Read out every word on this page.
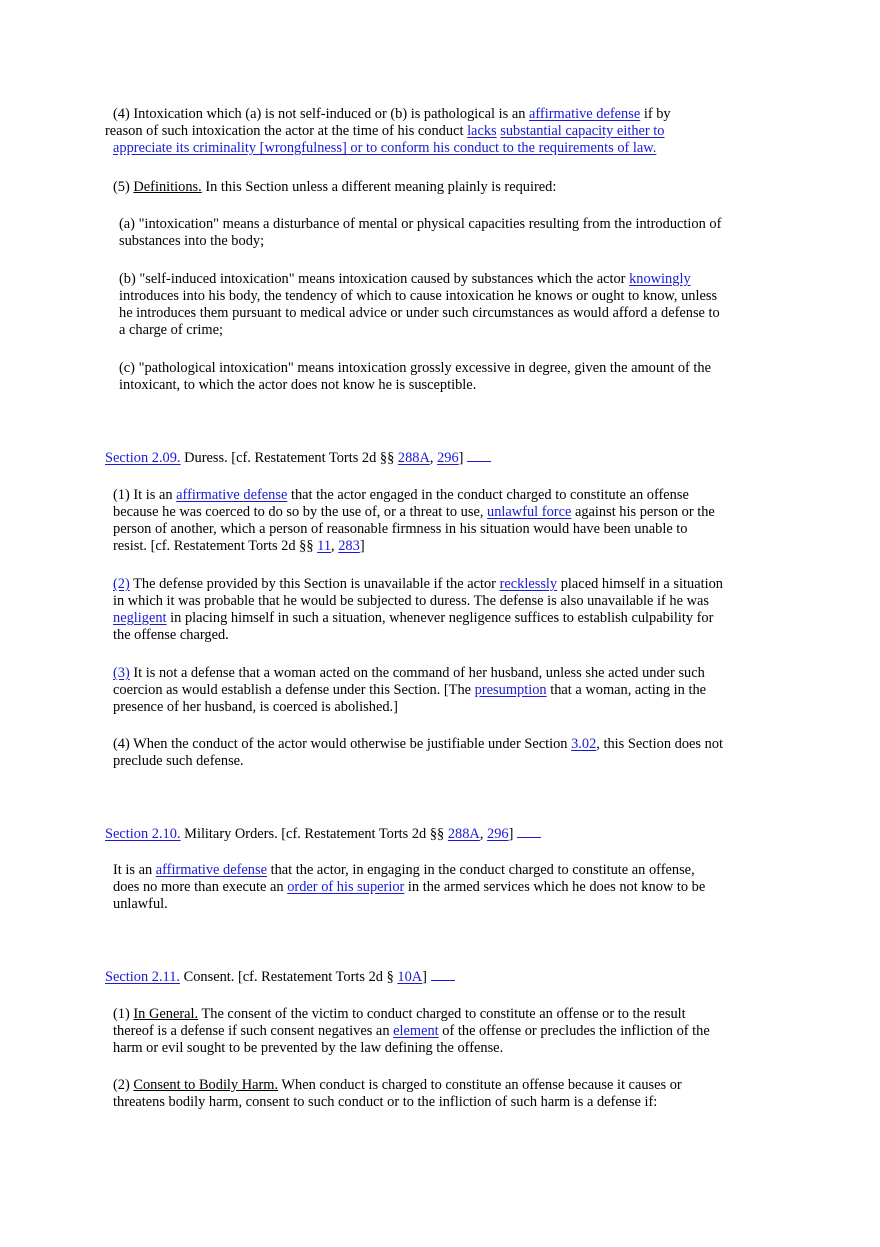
(4) Intoxication which (a) is not self-induced or (b) is pathological is an affirmative defense if by
reason of such intoxication the actor at the time of his conduct lacks substantial capacity either to appreciate its criminality [wrongfulness] or to conform his conduct to the requirements of law.

(5) Definitions. In this Section unless a different meaning plainly is required:

(a) "intoxication" means a disturbance of mental or physical capacities resulting from the introduction of substances into the body;

(b) "self-induced intoxication" means intoxication caused by substances which the actor knowingly introduces into his body, the tendency of which to cause intoxication he knows or ought to know, unless he introduces them pursuant to medical advice or under such circumstances as would afford a defense to a charge of crime;

(c) "pathological intoxication" means intoxication grossly excessive in degree, given the amount of the intoxicant, to which the actor does not know he is susceptible.

Section 2.09. Duress. [cf. Restatement Torts 2d §§ 288A, 296]

(1) It is an affirmative defense that the actor engaged in the conduct charged to constitute an offense because he was coerced to do so by the use of, or a threat to use, unlawful force against his person or the person of another, which a person of reasonable firmness in his situation would have been unable to resist. [cf. Restatement Torts 2d §§ 11, 283]

(2) The defense provided by this Section is unavailable if the actor recklessly placed himself in a situation in which it was probable that he would be subjected to duress. The defense is also unavailable if he was negligent in placing himself in such a situation, whenever negligence suffices to establish culpability for the offense charged.

(3) It is not a defense that a woman acted on the command of her husband, unless she acted under such coercion as would establish a defense under this Section. [The presumption that a woman, acting in the presence of her husband, is coerced is abolished.]

(4) When the conduct of the actor would otherwise be justifiable under Section 3.02, this Section does not preclude such defense.

Section 2.10. Military Orders. [cf. Restatement Torts 2d §§ 288A, 296]

It is an affirmative defense that the actor, in engaging in the conduct charged to constitute an offense, does no more than execute an order of his superior in the armed services which he does not know to be unlawful.

Section 2.11. Consent. [cf. Restatement Torts 2d § 10A]

(1) In General. The consent of the victim to conduct charged to constitute an offense or to the result thereof is a defense if such consent negatives an element of the offense or precludes the infliction of the harm or evil sought to be prevented by the law defining the offense.

(2) Consent to Bodily Harm. When conduct is charged to constitute an offense because it causes or threatens bodily harm, consent to such conduct or to the infliction of such harm is a defense if:
